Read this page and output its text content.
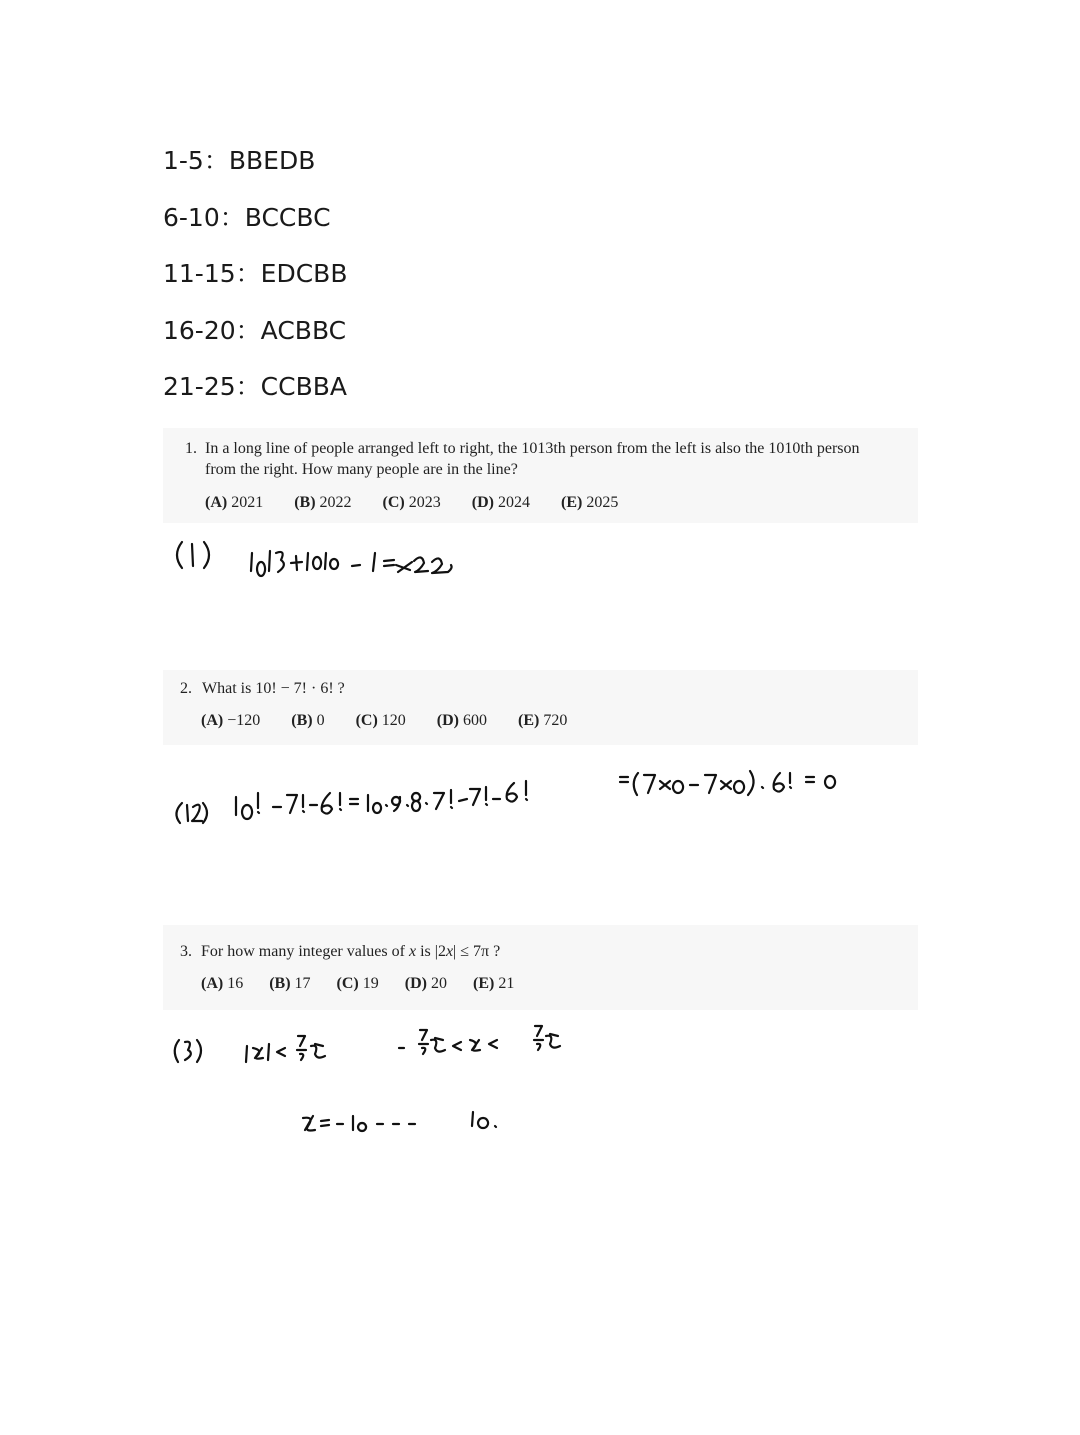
1-5：BBEDB
6-10：BCCBC
11-15：EDCBB
16-20：ACBBC
21-25：CCBBA
1. In a long line of people arranged left to right, the 1013th person from the left is also the 1010th person
from the right. How many people are in the line?
(A) 2021 (B) 2022 (C) 2023 (D) 2024 (E) 2025
2. What is 10! − 7! · 6! ?
(A) −120 (B) 0 (C) 120 (D) 600 (E) 720
3. For how many integer values of x is |2x| ≤ 7π ?
(A) 16 (B) 17 (C) 19 (D) 20 (E) 21
